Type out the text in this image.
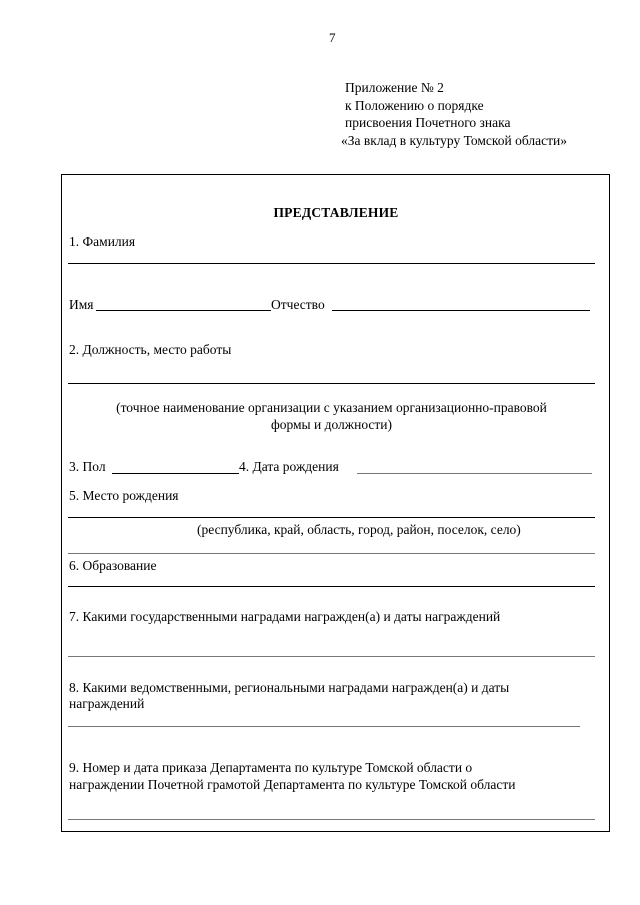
7
Приложение № 2
к Положению о порядке
присвоения Почетного знака
«За вклад в культуру Томской области»
ПРЕДСТАВЛЕНИЕ
1. Фамилия
Имя	Отчество
2. Должность, место работы
(точное наименование организации с указанием организационно-правовой
формы и должности)
3. Пол	4. Дата рождения
5. Место рождения
(республика, край, область, город, район, поселок, село)
6. Образование
7. Какими государственными наградами награжден(а) и даты награждений
8. Какими ведомственными, региональными наградами награжден(а) и даты
награждений
9. Номер и дата приказа Департамента по культуре Томской области о
награждении Почетной грамотой Департамента по культуре Томской области
